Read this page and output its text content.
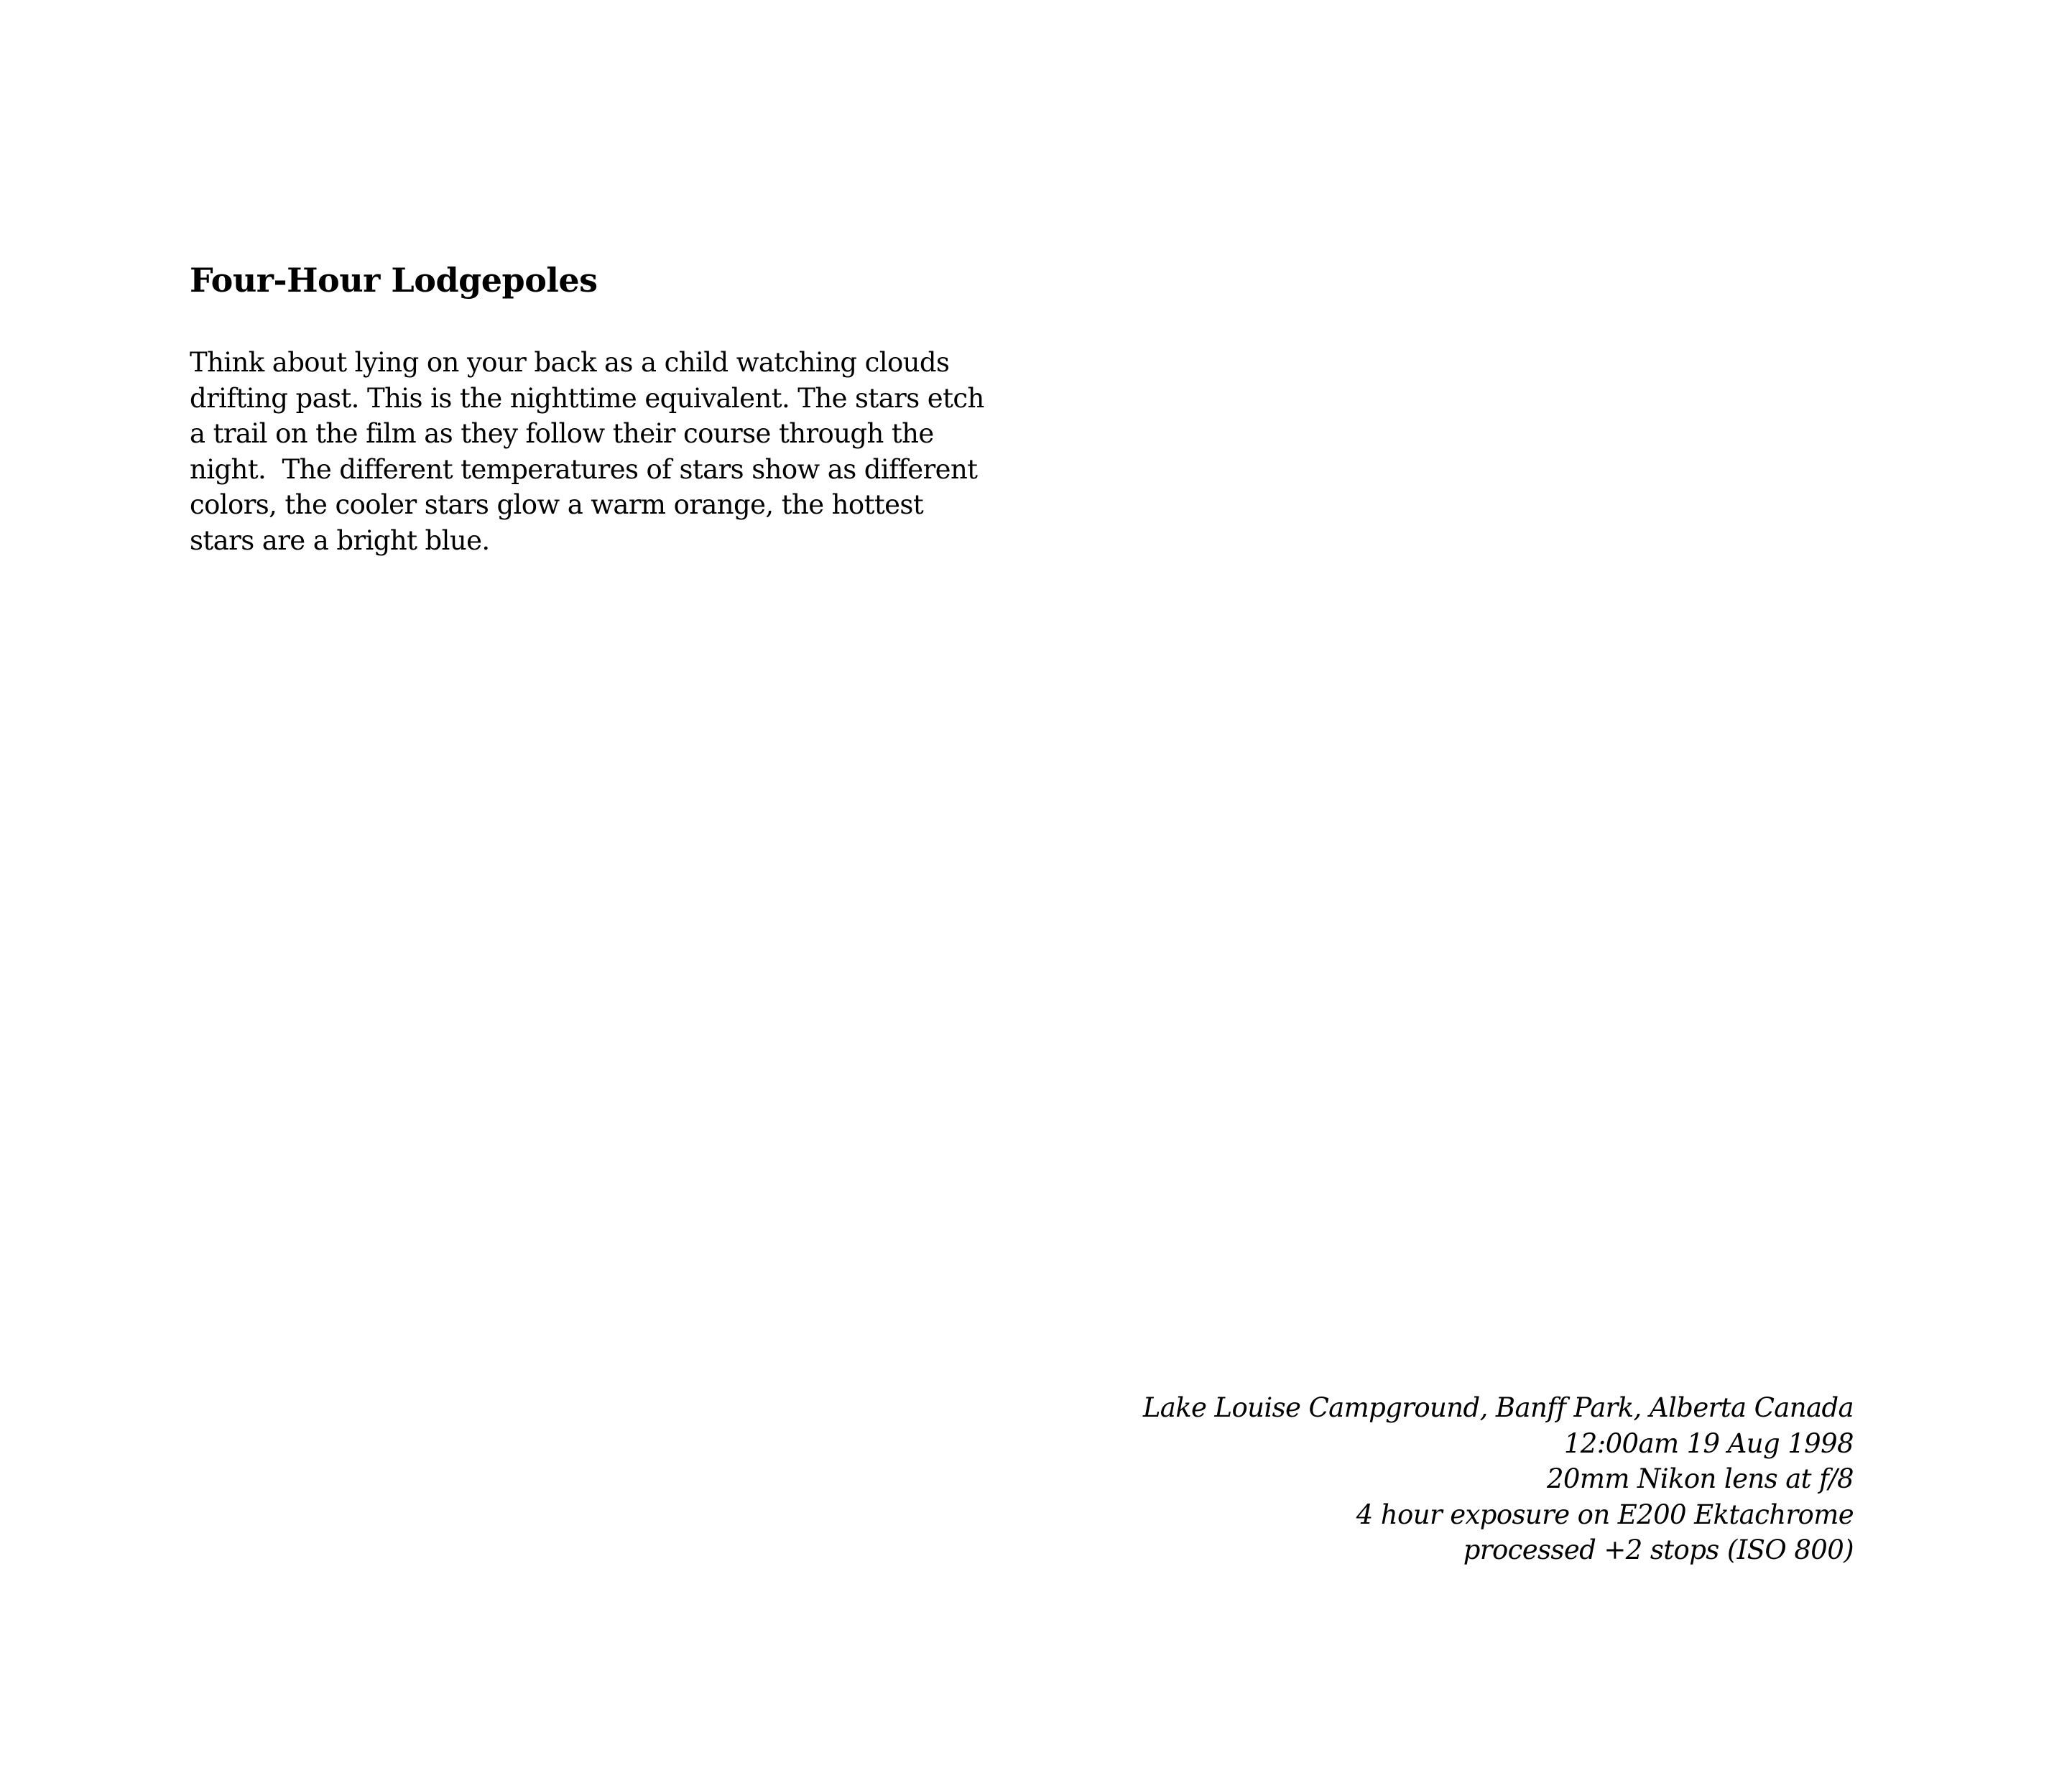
Four-Hour Lodgepoles
Think about lying on your back as a child watching clouds
drifting past. This is the nighttime equivalent. The stars etch
a trail on the film as they follow their course through the
night.  The different temperatures of stars show as different
colors, the cooler stars glow a warm orange, the hottest
stars are a bright blue.
Lake Louise Campground, Banff Park, Alberta Canada
12:00am 19 Aug 1998
20mm Nikon lens at f/8
4 hour exposure on E200 Ektachrome
processed +2 stops (ISO 800)
